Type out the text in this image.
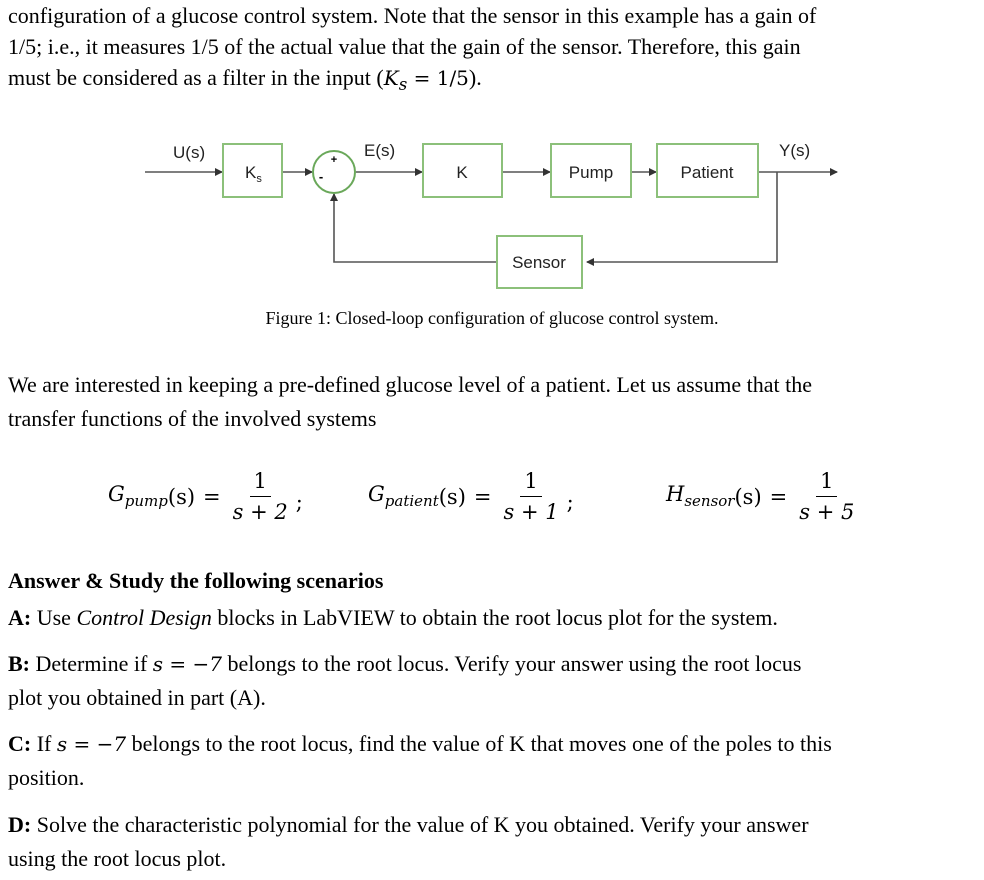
configuration of a glucose control system. Note that the sensor in this example has a gain of
1/5; i.e., it measures 1/5 of the actual value that the gain of the sensor. Therefore, this gain
must be considered as a filter in the input $(K_s = 1/5)$.
+
-
U(s)	E(s)	Y(s)
$K_s$	K	Pump	Patient
Sensor
Figure 1: Closed-loop configuration of glucose control system.
We are interested in keeping a pre-defined glucose level of a patient. Let us assume that the
transfer functions of the involved systems
$G_{pump}$ $(s) = \frac{1}{s + 2}$ ;	$G_{patient}$ $(s) = \frac{1}{s + 1}$ ;	$H_{sensor}$ $(s) = \frac{1}{s + 5}$
Answer & Study the following scenarios
A: Use Control Design blocks in LabVIEW to obtain the root locus plot for the system.
B: Determine if s = −7 belongs to the root locus. Verify your answer using the root locus
plot you obtained in part (A).
C: If s = −7 belongs to the root locus, find the value of K that moves one of the poles to this
position.
D: Solve the characteristic polynomial for the value of K you obtained. Verify your answer
using the root locus plot.
